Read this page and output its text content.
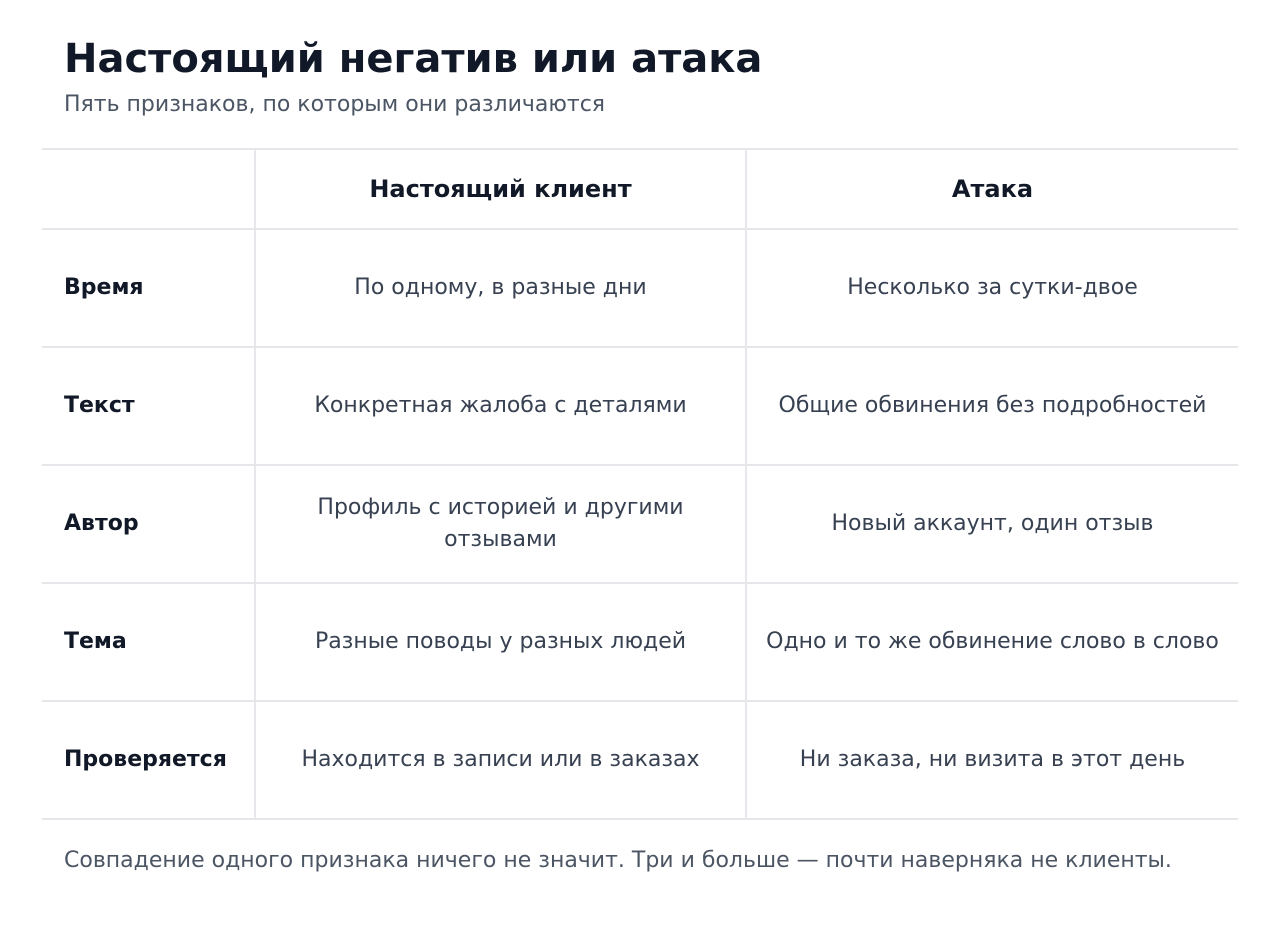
Настоящий негатив или атака

Пять признаков, по которым они различаются

	Настоящий клиент	Атака
Время	По одному, в разные дни	Несколько за сутки-двое
Текст	Конкретная жалоба с деталями	Общие обвинения без подробностей
Автор	Профиль с историей и другими отзывами	Новый аккаунт, один отзыв
Тема	Разные поводы у разных людей	Одно и то же обвинение слово в слово
Проверяется	Находится в записи или в заказах	Ни заказа, ни визита в этот день

Совпадение одного признака ничего не значит. Три и больше — почти наверняка не клиенты.
